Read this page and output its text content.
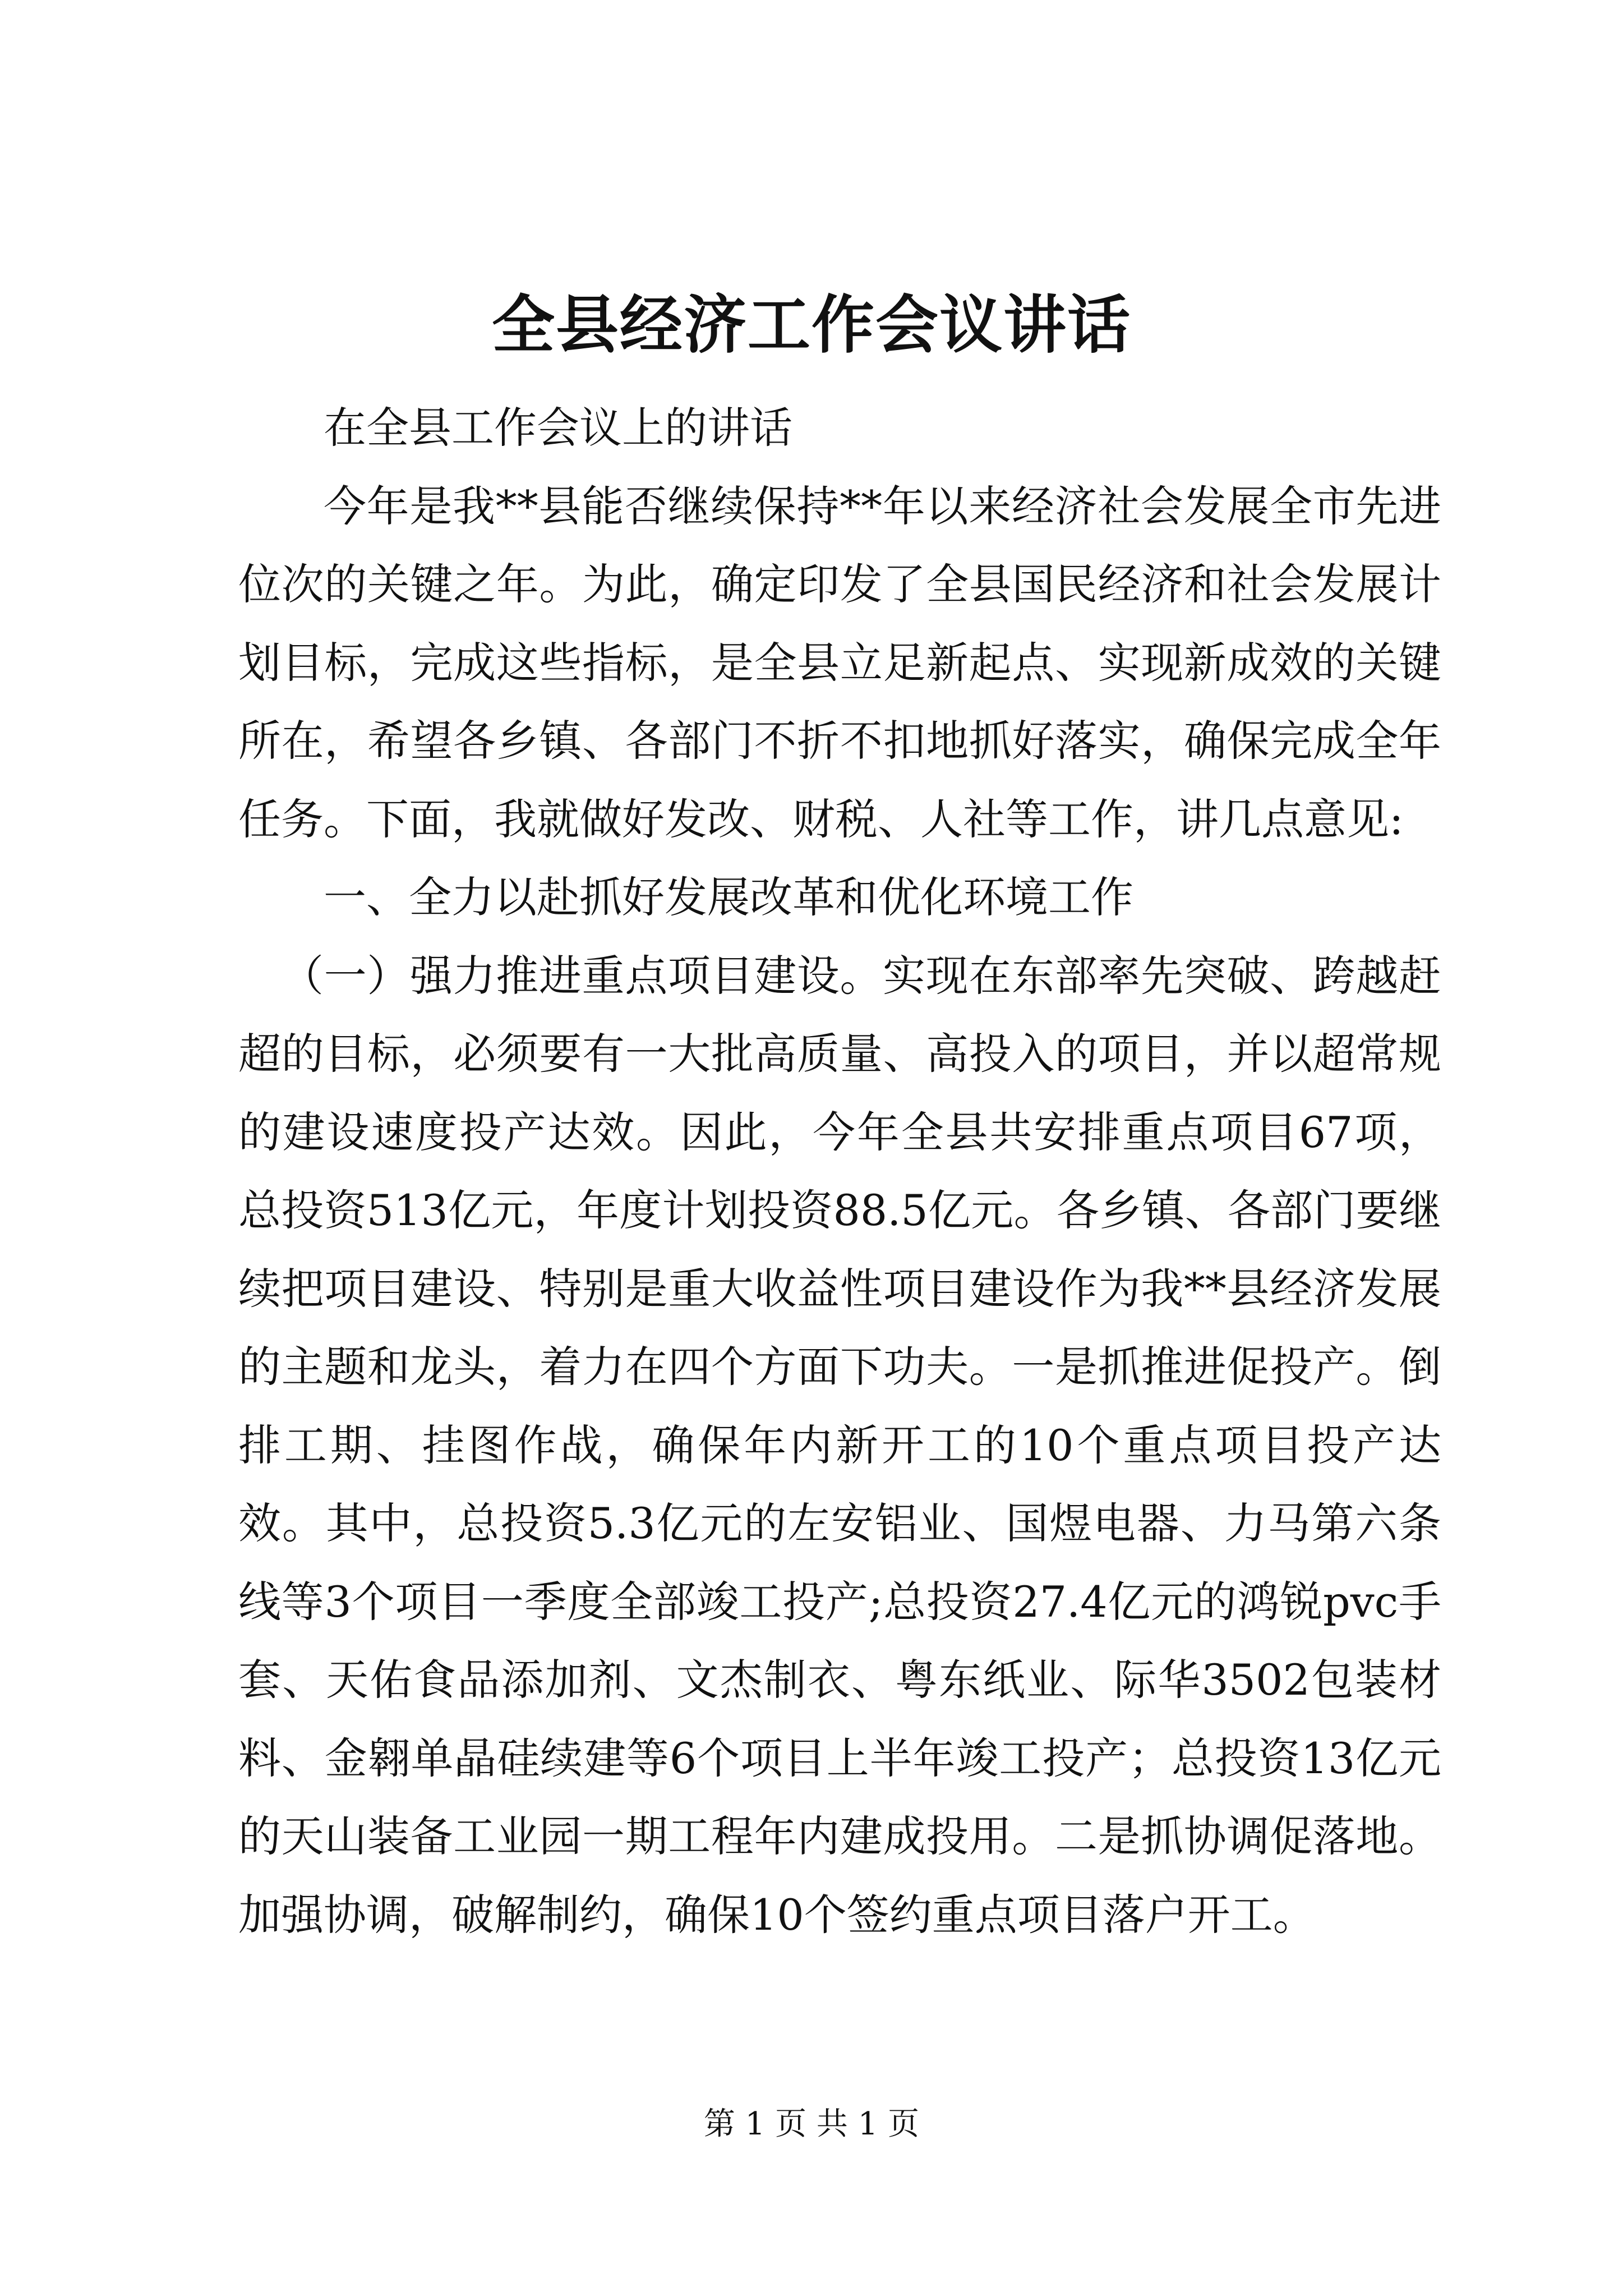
全县经济工作会议讲话

在全县工作会议上的讲话

今年是我**县能否继续保持**年以来经济社会发展全市先进位次的关键之年。为此，确定印发了全县国民经济和社会发展计划目标，完成这些指标，是全县立足新起点、实现新成效的关键所在，希望各乡镇、各部门不折不扣地抓好落实，确保完成全年任务。下面，我就做好发改、财税、人社等工作，讲几点意见:

一、全力以赴抓好发展改革和优化环境工作

（一）强力推进重点项目建设。实现在东部率先突破、跨越赶超的目标，必须要有一大批高质量、高投入的项目，并以超常规的建设速度投产达效。因此，今年全县共安排重点项目67项，总投资513亿元，年度计划投资88.5亿元。各乡镇、各部门要继续把项目建设、特别是重大收益性项目建设作为我**县经济发展的主题和龙头，着力在四个方面下功夫。一是抓推进促投产。倒排工期、挂图作战，确保年内新开工的10个重点项目投产达效。其中，总投资5.3亿元的左安铝业、国煜电器、力马第六条线等3个项目一季度全部竣工投产;总投资27.4亿元的鸿锐pvc手套、天佑食品添加剂、文杰制衣、粤东纸业、际华3502包装材料、金翱单晶硅续建等6个项目上半年竣工投产；总投资13亿元的天山装备工业园一期工程年内建成投用。二是抓协调促落地。加强协调，破解制约，确保10个签约重点项目落户开工。

第 1 页 共 1 页
